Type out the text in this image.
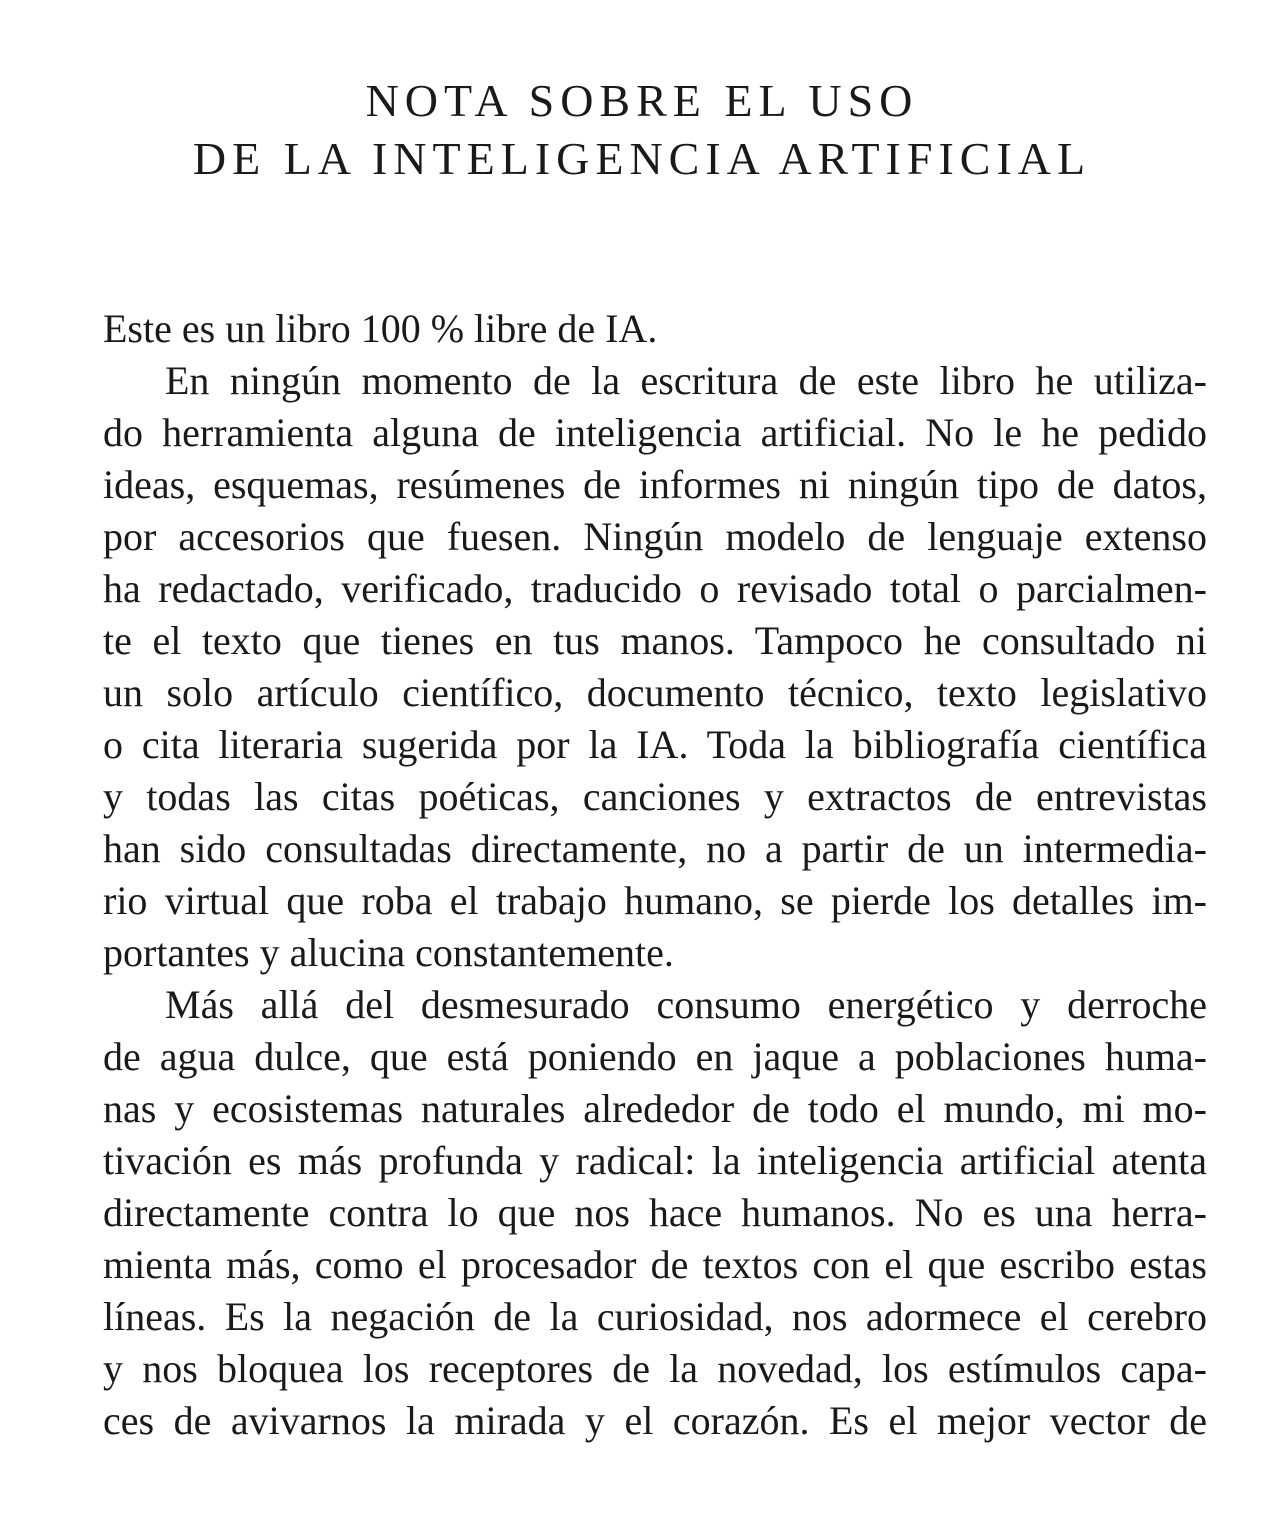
NOTA SOBRE EL USO
DE LA INTELIGENCIA ARTIFICIAL
Este es un libro 100 % libre de IA.
En ningún momento de la escritura de este libro he utiliza-
do herramienta alguna de inteligencia artificial. No le he pedido
ideas, esquemas, resúmenes de informes ni ningún tipo de datos,
por accesorios que fuesen. Ningún modelo de lenguaje extenso
ha redactado, verificado, traducido o revisado total o parcialmen-
te el texto que tienes en tus manos. Tampoco he consultado ni
un solo artículo científico, documento técnico, texto legislativo
o cita literaria sugerida por la IA. Toda la bibliografía científica
y todas las citas poéticas, canciones y extractos de entrevistas
han sido consultadas directamente, no a partir de un intermedia-
rio virtual que roba el trabajo humano, se pierde los detalles im-
portantes y alucina constantemente.
Más allá del desmesurado consumo energético y derroche
de agua dulce, que está poniendo en jaque a poblaciones huma-
nas y ecosistemas naturales alrededor de todo el mundo, mi mo-
tivación es más profunda y radical: la inteligencia artificial atenta
directamente contra lo que nos hace humanos. No es una herra-
mienta más, como el procesador de textos con el que escribo estas
líneas. Es la negación de la curiosidad, nos adormece el cerebro
y nos bloquea los receptores de la novedad, los estímulos capa-
ces de avivarnos la mirada y el corazón. Es el mejor vector de
